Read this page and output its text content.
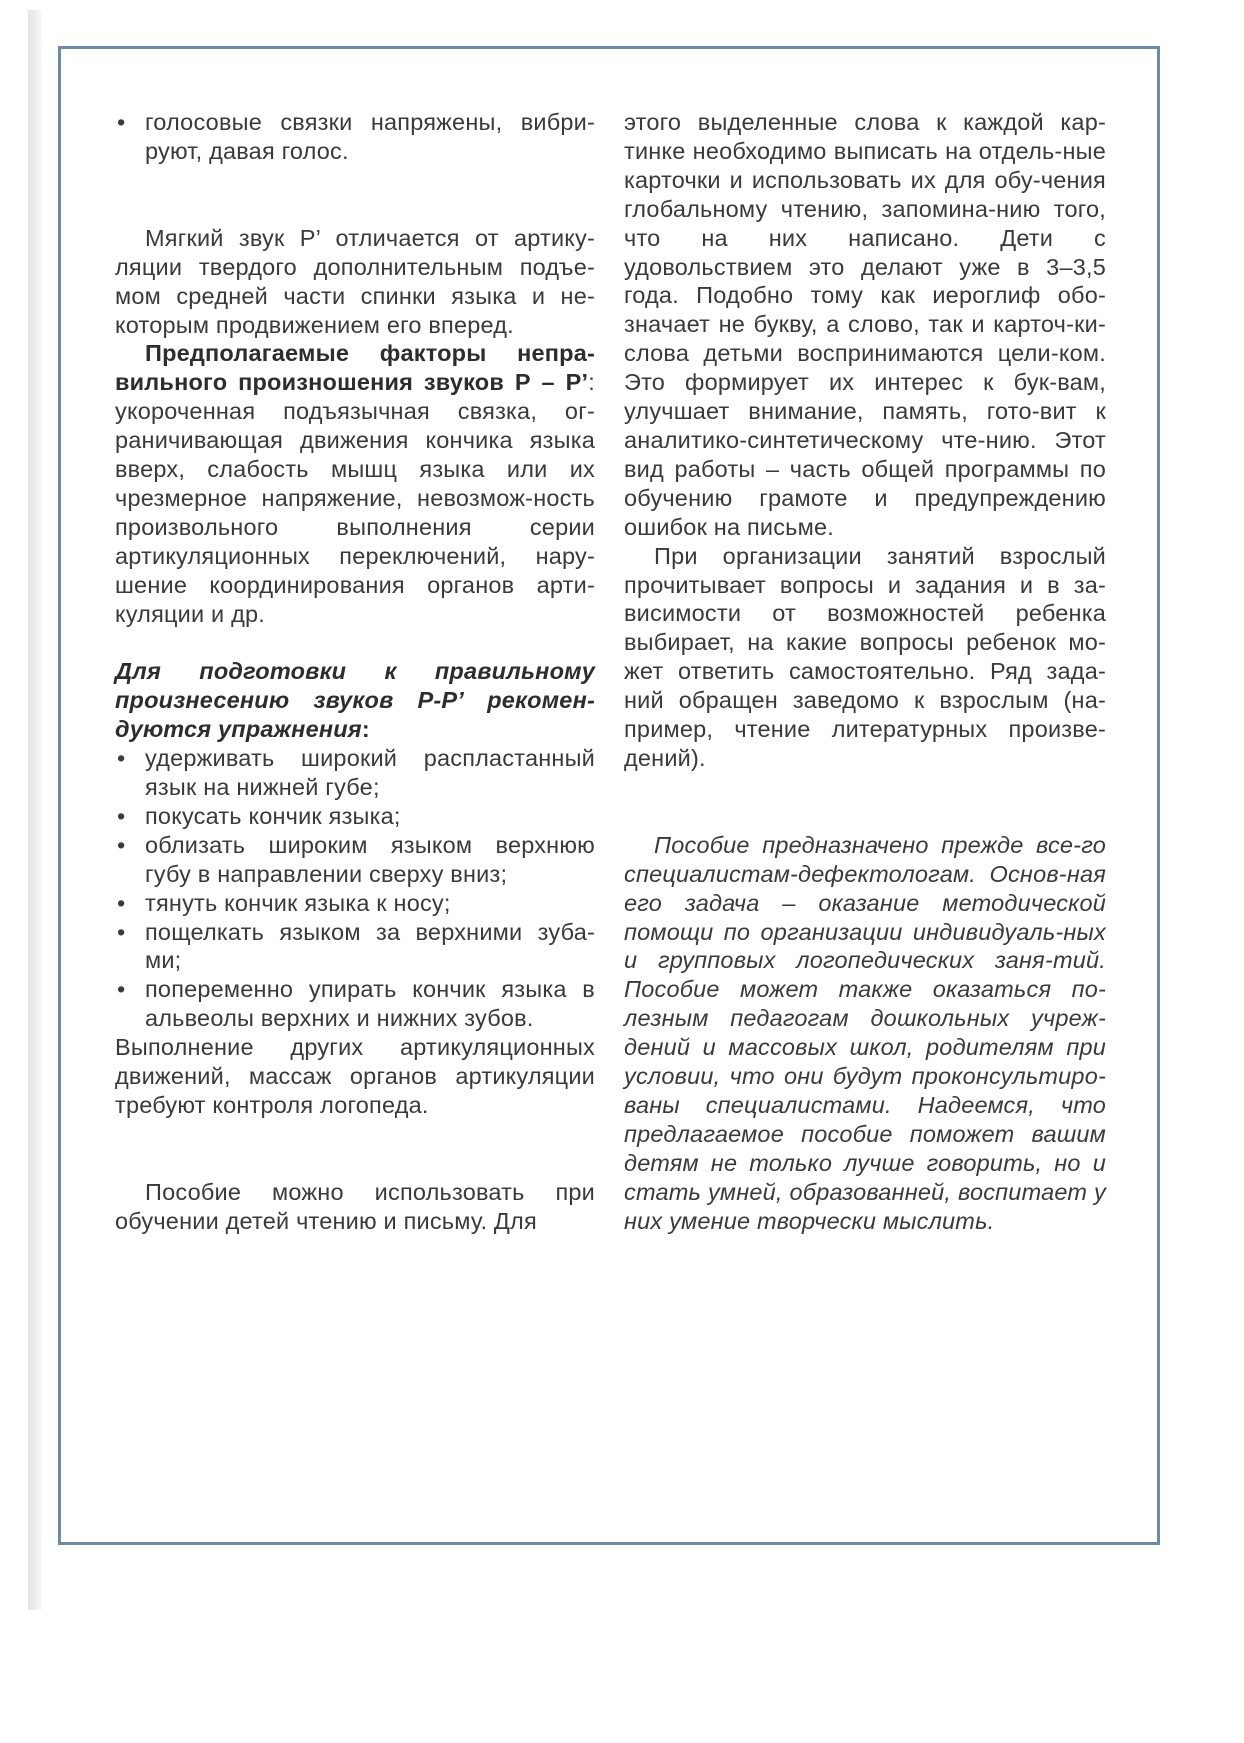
• голосовые связки напряжены, вибри-руют, давая голос.

Мягкий звук Р’ отличается от артику-ляции твердого дополнительным подъе-мом средней части спинки языка и не-которым продвижением его вперед.

Предполагаемые факторы непра-вильного произношения звуков Р – Р’: укороченная подъязычная связка, ог-раничивающая движения кончика языка вверх, слабость мышц языка или их чрезмерное напряжение, невозмож-ность произвольного выполнения серии артикуляционных переключений, нару-шение координирования органов арти-куляции и др.

Для подготовки к правильному произнесению звуков Р-Р’ рекомен-дуются упражнения:

• удерживать широкий распластанный язык на нижней губе;
• покусать кончик языка;
• облизать широким языком верхнюю губу в направлении сверху вниз;
• тянуть кончик языка к носу;
• пощелкать языком за верхними зуба-ми;
• попеременно упирать кончик языка в альвеолы верхних и нижних зубов.

Выполнение других артикуляционных движений, массаж органов артикуляции требуют контроля логопеда.

Пособие можно использовать при обучении детей чтению и письму. Для

этого выделенные слова к каждой кар-тинке необходимо выписать на отдель-ные карточки и использовать их для обу-чения глобальному чтению, запомина-нию того, что на них написано. Дети с удовольствием это делают уже в 3–3,5 года. Подобно тому как иероглиф обо-значает не букву, а слово, так и карточ-ки-слова детьми воспринимаются цели-ком. Это формирует их интерес к бук-вам, улучшает внимание, память, гото-вит к аналитико-синтетическому чте-нию. Этот вид работы – часть общей программы по обучению грамоте и предупреждению ошибок на письме.

При организации занятий взрослый прочитывает вопросы и задания и в за-висимости от возможностей ребенка выбирает, на какие вопросы ребенок мо-жет ответить самостоятельно. Ряд зада-ний обращен заведомо к взрослым (на-пример, чтение литературных произве-дений).

Пособие предназначено прежде все-го специалистам-дефектологам. Основ-ная его задача – оказание методической помощи по организации индивидуаль-ных и групповых логопедических заня-тий. Пособие может также оказаться по-лезным педагогам дошкольных учреж-дений и массовых школ, родителям при условии, что они будут проконсультиро-ваны специалистами. Надеемся, что предлагаемое пособие поможет вашим детям не только лучше говорить, но и стать умней, образованней, воспитает у них умение творчески мыслить.
